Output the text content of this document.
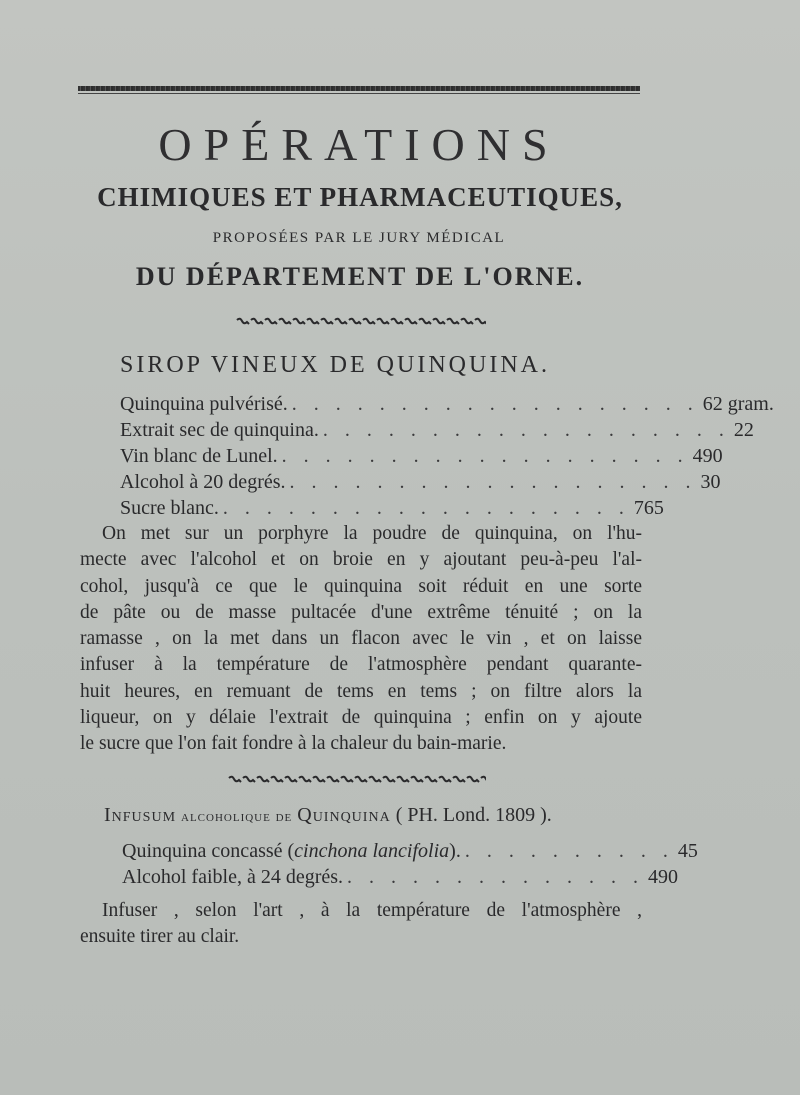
OPÉRATIONS
CHIMIQUES ET PHARMACEUTIQUES,
PROPOSÉES PAR LE JURY MÉDICAL
DU DÉPARTEMENT DE L'ORNE.
SIROP VINEUX DE QUINQUINA.
Quinquina pulvérisé. . . . . . . . . . . . . . . . . . . . 62 gram.
Extrait sec de quinquina. . . . . . . . . . . . . . . . . . . . 22
Vin blanc de Lunel. . . . . . . . . . . . . . . . . . . . 490
Alcohol à 20 degrés. . . . . . . . . . . . . . . . . . . . 30
Sucre blanc. . . . . . . . . . . . . . . . . . . . 765

On met sur un porphyre la poudre de quinquina, on l'hu-
mecte avec l'alcohol et on broie en y ajoutant peu-à-peu l'al-
cohol, jusqu'à ce que le quinquina soit réduit en une sorte
de pâte ou de masse pultacée d'une extrême ténuité ; on la
ramasse , on la met dans un flacon avec le vin , et on laisse
infuser à la température de l'atmosphère pendant quarante-
huit heures, en remuant de tems en tems ; on filtre alors la
liqueur, on y délaie l'extrait de quinquina ; enfin on y ajoute
le sucre que l'on fait fondre à la chaleur du bain-marie.

Infusum alcoholique de Quinquina ( PH. Lond. 1809 ).
Quinquina concassé (cinchona lancifolia). . . . . . . . . . . 45
Alcohol faible, à 24 degrés. . . . . . . . . . . . . . . 490

Infuser , selon l'art , à la température de l'atmosphère ,
ensuite tirer au clair.
